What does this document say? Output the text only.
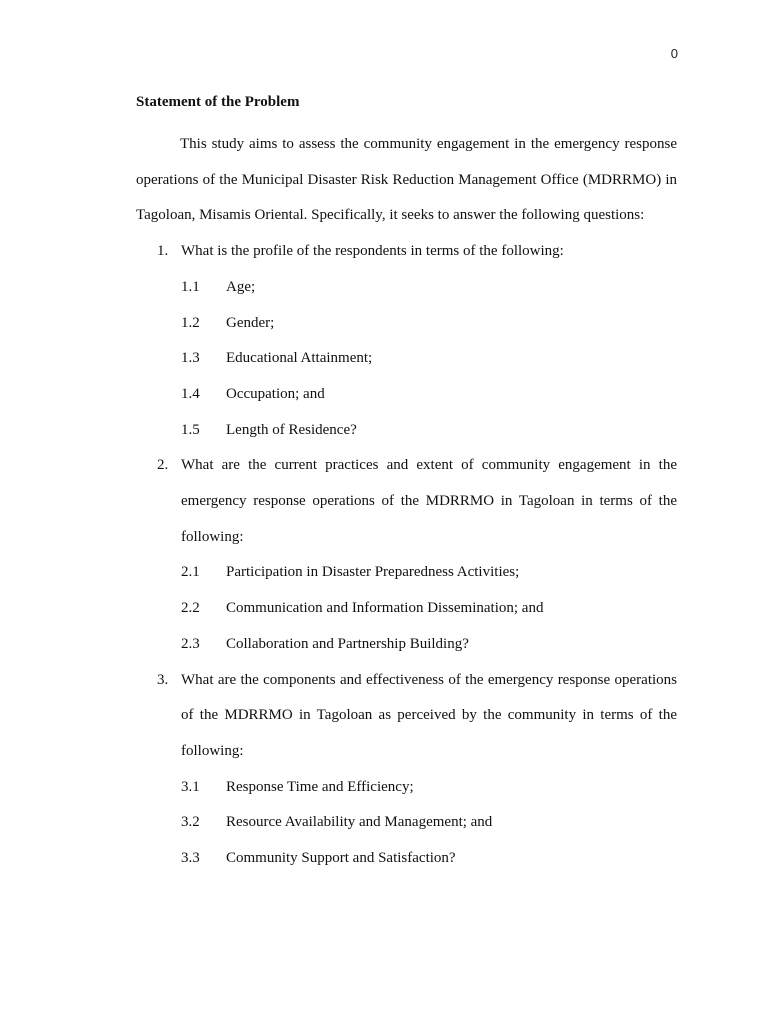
0
Statement of the Problem

This study aims to assess the community engagement in the emergency response operations of the Municipal Disaster Risk Reduction Management Office (MDRRMO) in Tagoloan, Misamis Oriental. Specifically, it seeks to answer the following questions:

1. What is the profile of the respondents in terms of the following:
1.1 Age;
1.2 Gender;
1.3 Educational Attainment;
1.4 Occupation; and
1.5 Length of Residence?
2. What are the current practices and extent of community engagement in the emergency response operations of the MDRRMO in Tagoloan in terms of the following:
2.1 Participation in Disaster Preparedness Activities;
2.2 Communication and Information Dissemination; and
2.3 Collaboration and Partnership Building?
3. What are the components and effectiveness of the emergency response operations of the MDRRMO in Tagoloan as perceived by the community in terms of the following:
3.1 Response Time and Efficiency;
3.2 Resource Availability and Management; and
3.3 Community Support and Satisfaction?
